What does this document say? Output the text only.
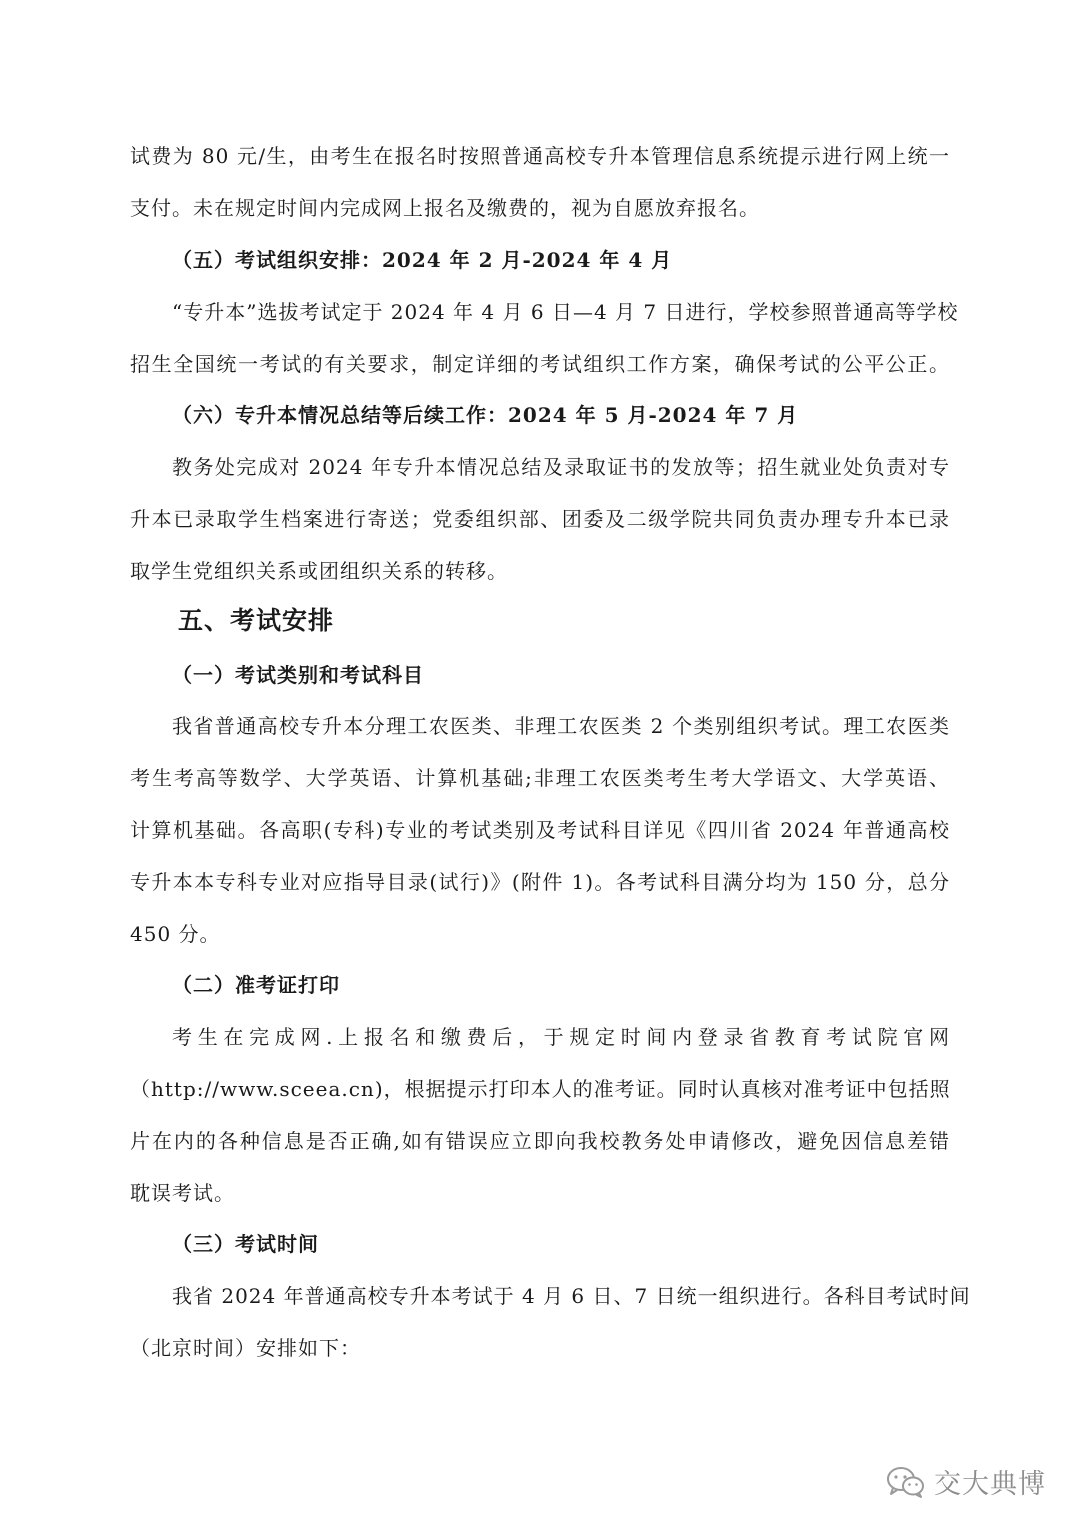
试费为 80 元/生，由考生在报名时按照普通高校专升本管理信息系统提示进行网上统一
支付。未在规定时间内完成网上报名及缴费的，视为自愿放弃报名。
（五）考试组织安排：2024 年 2 月-2024 年 4 月
“专升本”选拔考试定于 2024 年 4 月 6 日—4 月 7 日进行，学校参照普通高等学校
招生全国统一考试的有关要求，制定详细的考试组织工作方案，确保考试的公平公正。
（六）专升本情况总结等后续工作：2024 年 5 月-2024 年 7 月
教务处完成对 2024 年专升本情况总结及录取证书的发放等；招生就业处负责对专
升本已录取学生档案进行寄送；党委组织部、团委及二级学院共同负责办理专升本已录
取学生党组织关系或团组织关系的转移。
五、考试安排
（一）考试类别和考试科目
我省普通高校专升本分理工农医类、非理工农医类 2 个类别组织考试。理工农医类
考生考高等数学、大学英语、计算机基础;非理工农医类考生考大学语文、大学英语、
计算机基础。各高职(专科)专业的考试类别及考试科目详见《四川省 2024 年普通高校
专升本本专科专业对应指导目录(试行)》(附件 1)。各考试科目满分均为 150 分，总分
450 分。
（二）准考证打印
考生在完成网.上报名和缴费后，于规定时间内登录省教育考试院官网
（http://www.sceea.cn)，根据提示打印本人的准考证。同时认真核对准考证中包括照
片在内的各种信息是否正确,如有错误应立即向我校教务处申请修改，避免因信息差错
耽误考试。
（三）考试时间
我省 2024 年普通高校专升本考试于 4 月 6 日、7 日统一组织进行。各科目考试时间
（北京时间）安排如下：
交大典博
